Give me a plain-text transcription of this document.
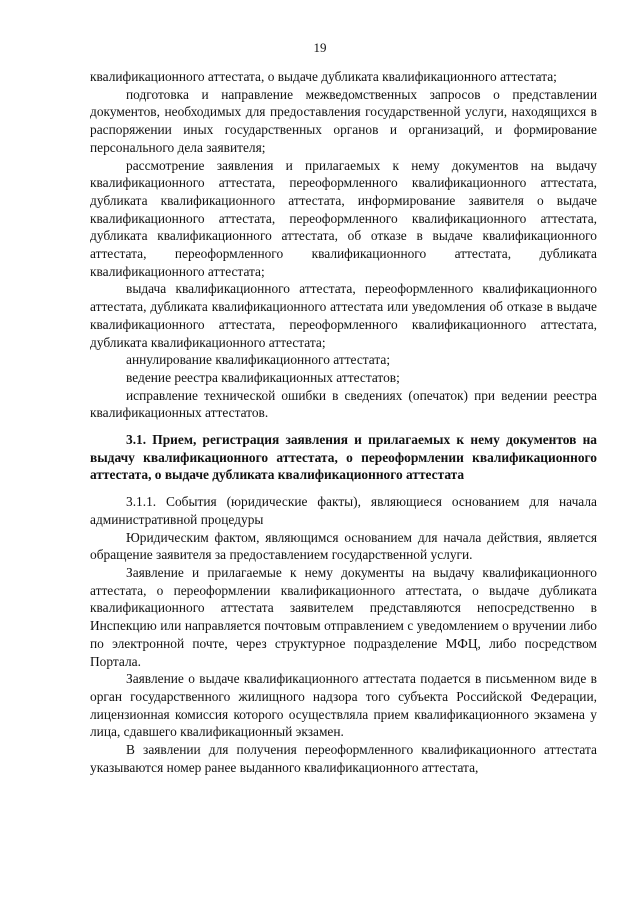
19

квалификационного аттестата, о выдаче дубликата квалификационного аттестата;

подготовка и направление межведомственных запросов о представлении документов, необходимых для предоставления государственной услуги, находящихся в распоряжении иных государственных органов и организаций, и формирование персонального дела заявителя;

рассмотрение заявления и прилагаемых к нему документов на выдачу квалификационного аттестата, переоформленного квалификационного аттестата, дубликата квалификационного аттестата, информирование заявителя о выдаче квалификационного аттестата, переоформленного квалификационного аттестата, дубликата квалификационного аттестата, об отказе в выдаче квалификационного аттестата, переоформленного квалификационного аттестата, дубликата квалификационного аттестата;

выдача квалификационного аттестата, переоформленного квалификационного аттестата, дубликата квалификационного аттестата или уведомления об отказе в выдаче квалификационного аттестата, переоформленного квалификационного аттестата, дубликата квалификационного аттестата;

аннулирование квалификационного аттестата;

ведение реестра квалификационных аттестатов;

исправление технической ошибки в сведениях (опечаток) при ведении реестра квалификационных аттестатов.

3.1. Прием, регистрация заявления и прилагаемых к нему документов на выдачу квалификационного аттестата, о переоформлении квалификационного аттестата, о выдаче дубликата квалификационного аттестата

3.1.1. События (юридические факты), являющиеся основанием для начала административной процедуры

Юридическим фактом, являющимся основанием для начала действия, является обращение заявителя за предоставлением государственной услуги.

Заявление и прилагаемые к нему документы на выдачу квалификационного аттестата, о переоформлении квалификационного аттестата, о выдаче дубликата квалификационного аттестата заявителем представляются непосредственно в Инспекцию или направляется почтовым отправлением с уведомлением о вручении либо по электронной почте, через структурное подразделение МФЦ, либо посредством Портала.

Заявление о выдаче квалификационного аттестата подается в письменном виде в орган государственного жилищного надзора того субъекта Российской Федерации, лицензионная комиссия которого осуществляла прием квалификационного экзамена у лица, сдавшего квалификационный экзамен.

В заявлении для получения переоформленного квалификационного аттестата указываются номер ранее выданного квалификационного аттестата,
